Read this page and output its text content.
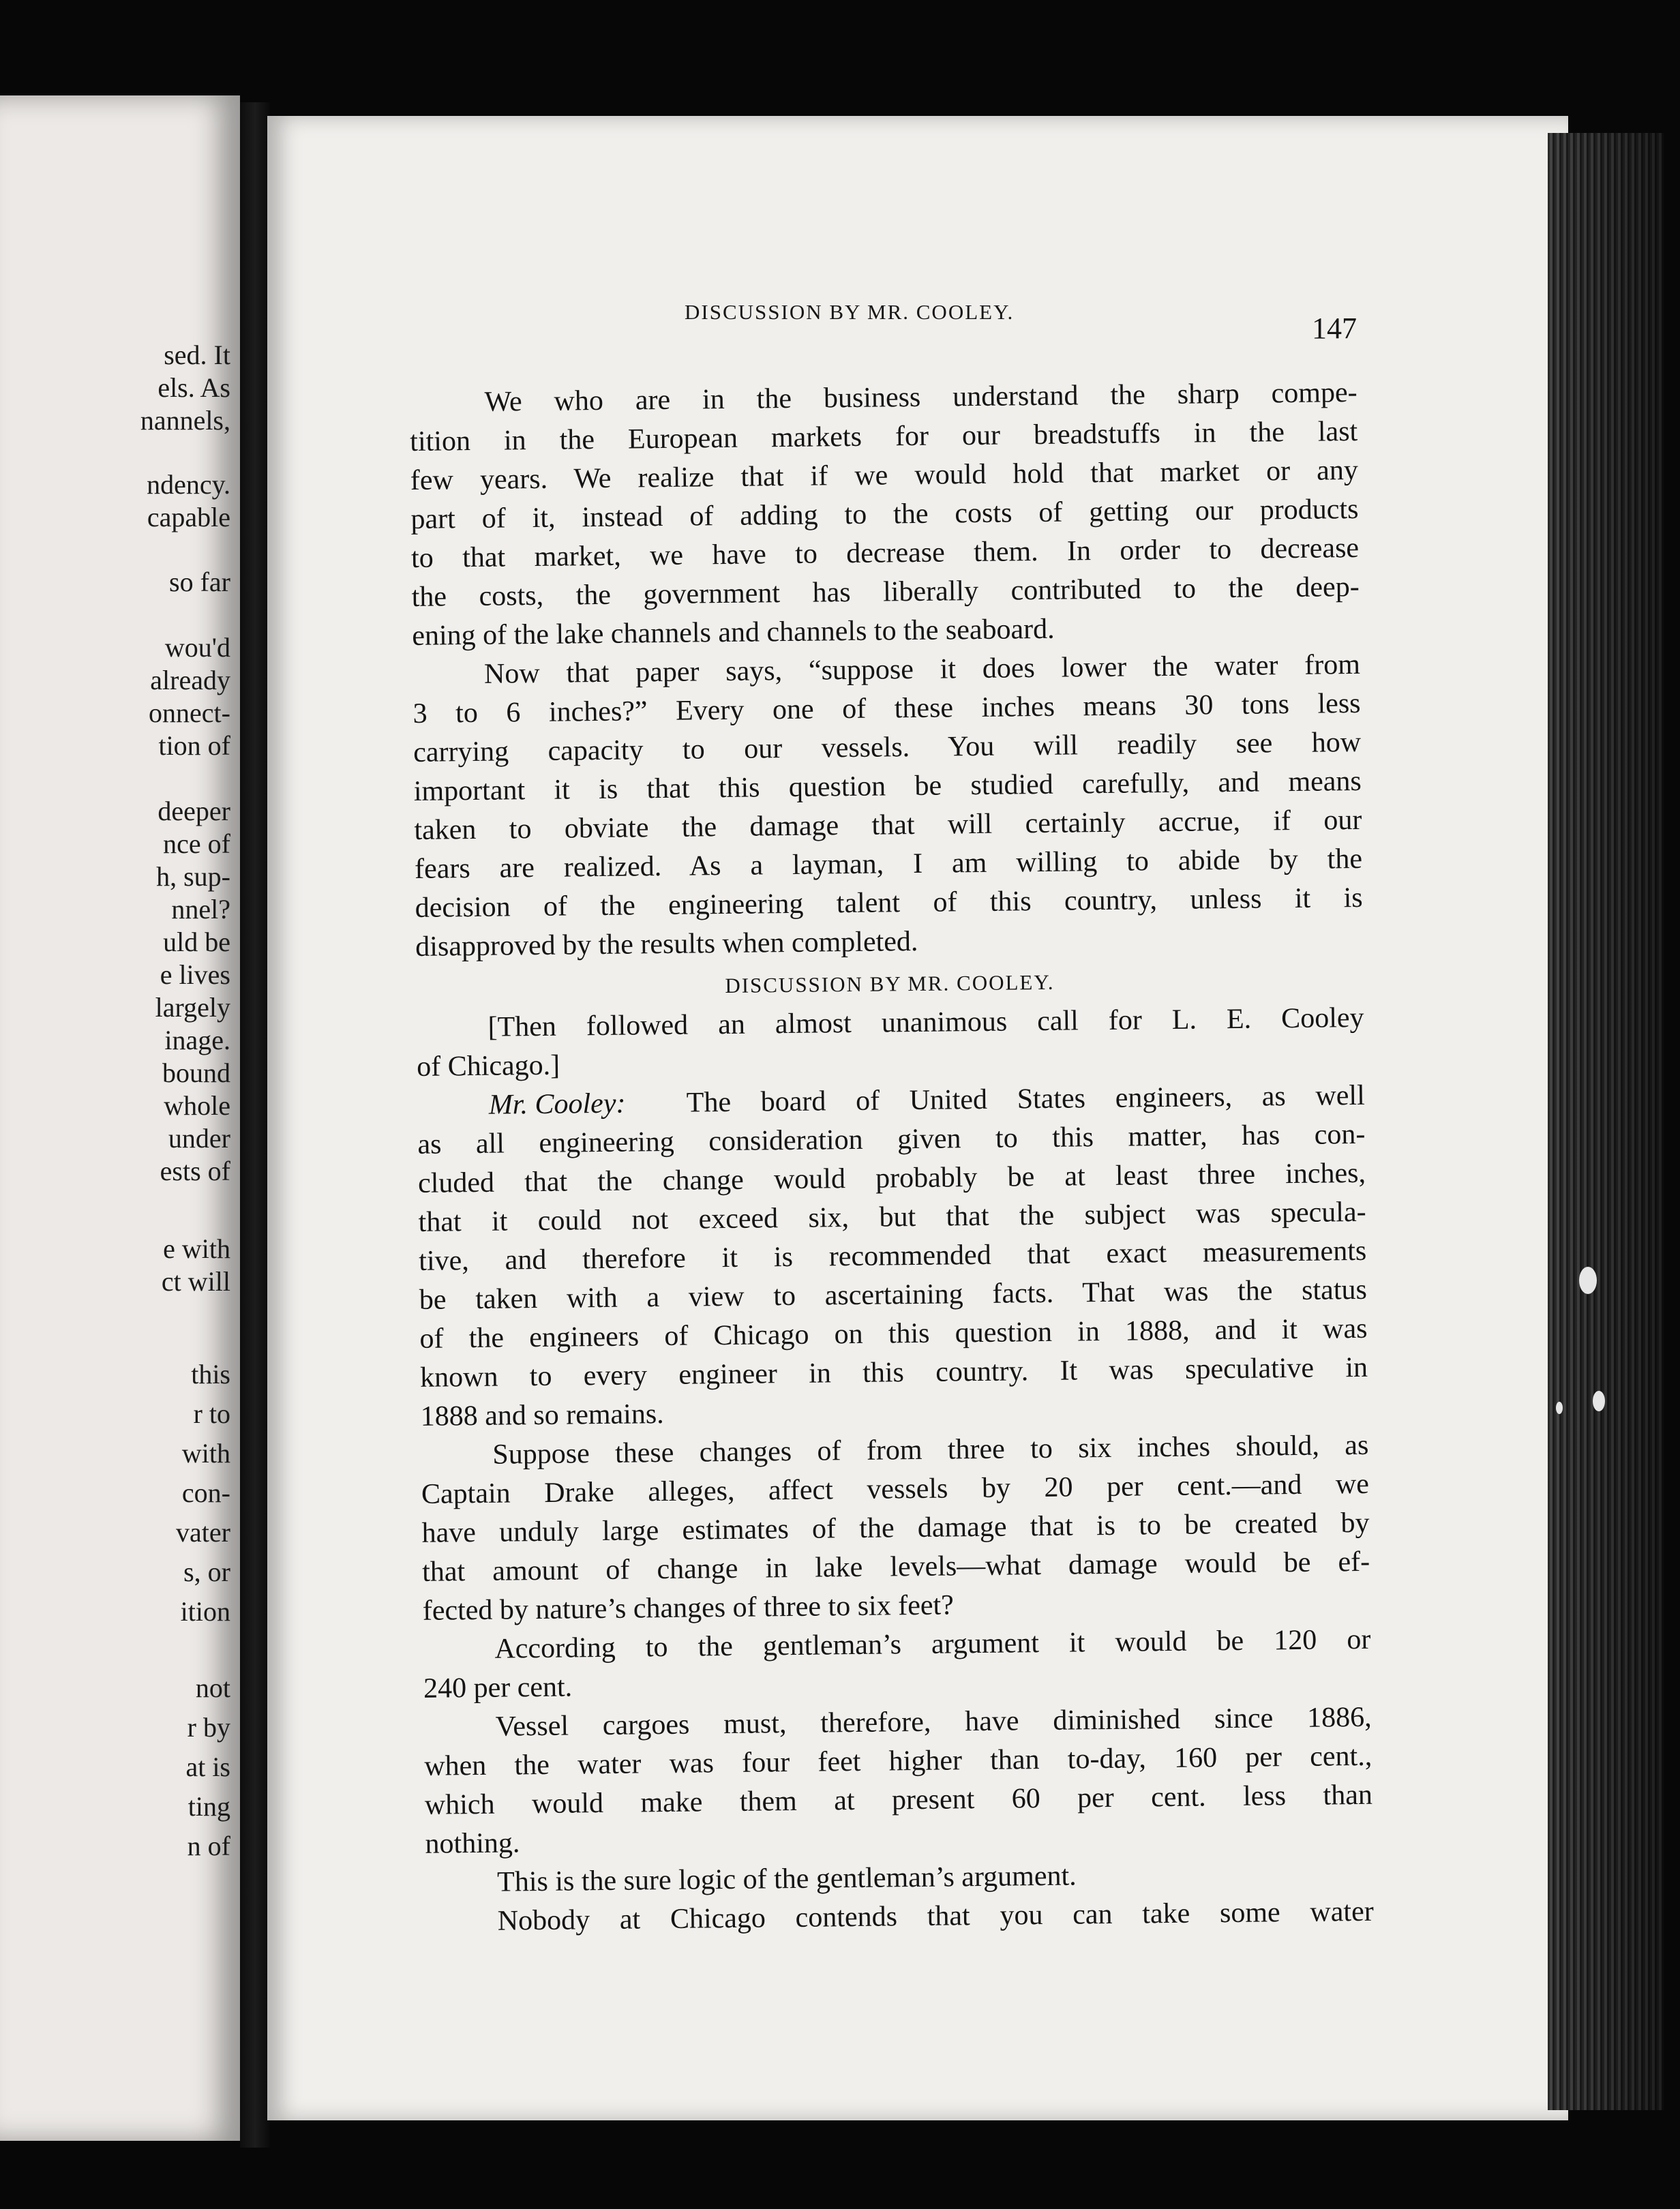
sed. It
els. As
nannels,
ndency.
capable
so far
wou'd
already
onnect-
tion of
deeper
nce of
h, sup-
nnel?
uld be
e lives
largely
inage.
bound
whole
under
ests of
e with
ct will
this
r to
with
con-
vater
s, or
ition
not
r by
at is
ting
n of
DISCUSSION BY MR. COOLEY.	147
We who are in the business understand the sharp compe-
tition in the European markets for our breadstuffs in the last
few years. We realize that if we would hold that market or any
part of it, instead of adding to the costs of getting our products
to that market, we have to decrease them. In order to decrease
the costs, the government has liberally contributed to the deep-
ening of the lake channels and channels to the seaboard.
Now that paper says, “suppose it does lower the water from
3 to 6 inches?” Every one of these inches means 30 tons less
carrying capacity to our vessels. You will readily see how
important it is that this question be studied carefully, and means
taken to obviate the damage that will certainly accrue, if our
fears are realized. As a layman, I am willing to abide by the
decision of the engineering talent of this country, unless it is
disapproved by the results when completed.
DISCUSSION BY MR. COOLEY.
[Then followed an almost unanimous call for L. E. Cooley
of Chicago.]
Mr. Cooley:	The board of United States engineers, as well
as all engineering consideration given to this matter, has con-
cluded that the change would probably be at least three inches,
that it could not exceed six, but that the subject was specula-
tive, and therefore it is recommended that exact measurements
be taken with a view to ascertaining facts. That was the status
of the engineers of Chicago on this question in 1888, and it was
known to every engineer in this country. It was speculative in
1888 and so remains.
Suppose these changes of from three to six inches should, as
Captain Drake alleges, affect vessels by 20 per cent.—and we
have unduly large estimates of the damage that is to be created by
that amount of change in lake levels—what damage would be ef-
fected by nature’s changes of three to six feet?
According to the gentleman’s argument it would be 120 or
240 per cent.
Vessel cargoes must, therefore, have diminished since 1886,
when the water was four feet higher than to-day, 160 per cent.,
which would make them at present 60 per cent. less than
nothing.
This is the sure logic of the gentleman’s argument.
Nobody at Chicago contends that you can take some water
